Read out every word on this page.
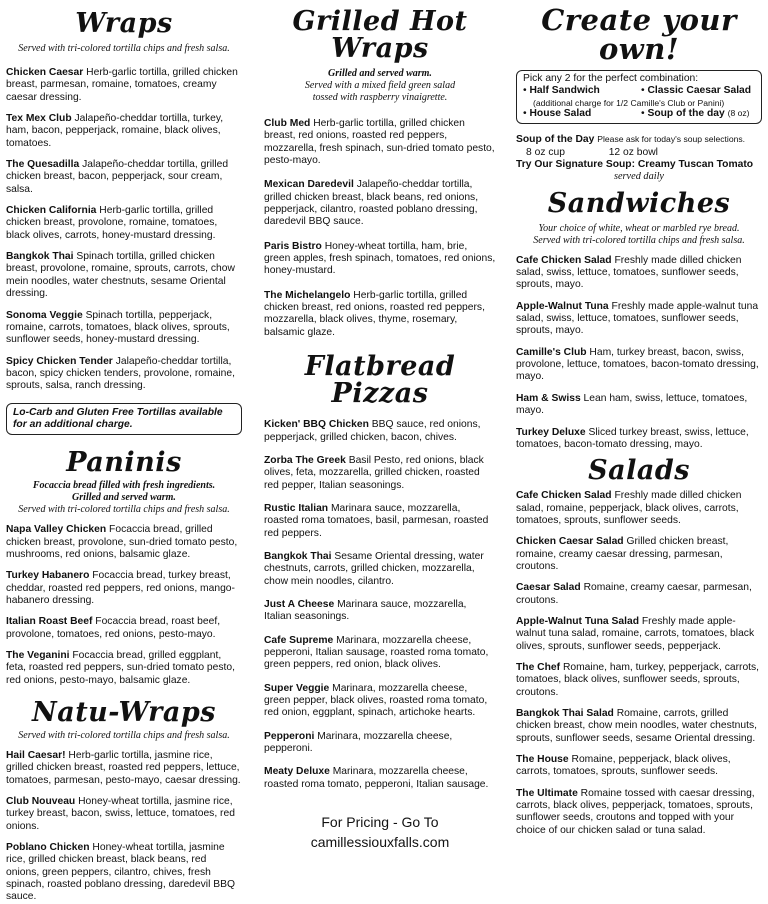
Wraps
Served with tri-colored tortilla chips and fresh salsa.
Chicken Caesar Herb-garlic tortilla, grilled chicken breast, parmesan, romaine, tomatoes, creamy caesar dressing.
Tex Mex Club Jalapeño-cheddar tortilla, turkey, ham, bacon, pepperjack, romaine, black olives, tomatoes.
The Quesadilla Jalapeño-cheddar tortilla, grilled chicken breast, bacon, pepperjack, sour cream, salsa.
Chicken California Herb-garlic tortilla, grilled chicken breast, provolone, romaine, tomatoes, black olives, carrots, honey-mustard dressing.
Bangkok Thai Spinach tortilla, grilled chicken breast, provolone, romaine, sprouts, carrots, chow mein noodles, water chestnuts, sesame Oriental dressing.
Sonoma Veggie Spinach tortilla, pepperjack, romaine, carrots, tomatoes, black olives, sprouts, sunflower seeds, honey-mustard dressing.
Spicy Chicken Tender Jalapeño-cheddar tortilla, bacon, spicy chicken tenders, provolone, romaine, sprouts, salsa, ranch dressing.
Lo-Carb and Gluten Free Tortillas available for an additional charge.
Paninis
Focaccia bread filled with fresh ingredients.
Grilled and served warm.
Served with tri-colored tortilla chips and fresh salsa.
Napa Valley Chicken Focaccia bread, grilled chicken breast, provolone, sun-dried tomato pesto, mushrooms, red onions, balsamic glaze.
Turkey Habanero Focaccia bread, turkey breast, cheddar, roasted red peppers, red onions, mango-habanero dressing.
Italian Roast Beef Focaccia bread, roast beef, provolone, tomatoes, red onions, pesto-mayo.
The Veganini Focaccia bread, grilled eggplant, feta, roasted red peppers, sun-dried tomato pesto, red onions, pesto-mayo, balsamic glaze.
Natu-Wraps
Served with tri-colored tortilla chips and fresh salsa.
Hail Caesar! Herb-garlic tortilla, jasmine rice, grilled chicken breast, roasted red peppers, lettuce, tomatoes, parmesan, pesto-mayo, caesar dressing.
Club Nouveau Honey-wheat tortilla, jasmine rice, turkey breast, bacon, swiss, lettuce, tomatoes, red onions.
Poblano Chicken Honey-wheat tortilla, jasmine rice, grilled chicken breast, black beans, red onions, green peppers, cilantro, chives, fresh spinach, roasted poblano dressing, daredevil BBQ sauce.
Grilled Hot Wraps
Grilled and served warm.
Served with a mixed field green salad
tossed with raspberry vinaigrette.
Club Med Herb-garlic tortilla, grilled chicken breast, red onions, roasted red peppers, mozzarella, fresh spinach, sun-dried tomato pesto, pesto-mayo.
Mexican Daredevil Jalapeño-cheddar tortilla, grilled chicken breast, black beans, red onions, pepperjack, cilantro, roasted poblano dressing, daredevil BBQ sauce.
Paris Bistro Honey-wheat tortilla, ham, brie, green apples, fresh spinach, tomatoes, red onions, honey-mustard.
The Michelangelo Herb-garlic tortilla, grilled chicken breast, red onions, roasted red peppers, mozzarella, black olives, thyme, rosemary, balsamic glaze.
Flatbread Pizzas
Kicken' BBQ Chicken BBQ sauce, red onions, pepperjack, grilled chicken, bacon, chives.
Zorba The Greek Basil Pesto, red onions, black olives, feta, mozzarella, grilled chicken, roasted red pepper, Italian seasonings.
Rustic Italian Marinara sauce, mozzarella, roasted roma tomatoes, basil, parmesan, roasted red peppers.
Bangkok Thai Sesame Oriental dressing, water chestnuts, carrots, grilled chicken, mozzarella, chow mein noodles, cilantro.
Just A Cheese Marinara sauce, mozzarella, Italian seasonings.
Cafe Supreme Marinara, mozzarella cheese, pepperoni, Italian sausage, roasted roma tomato, green peppers, red onion, black olives.
Super Veggie Marinara, mozzarella cheese, green pepper, black olives, roasted roma tomato, red onion, eggplant, spinach, artichoke hearts.
Pepperoni Marinara, mozzarella cheese, pepperoni.
Meaty Deluxe Marinara, mozzarella cheese, roasted roma tomato, pepperoni, Italian sausage.
For Pricing - Go To
camillessiouxfalls.com
Create your own!
Pick any 2 for the perfect combination:
• Half Sandwich	• Classic Caesar Salad
(additional charge for 1/2 Camille's Club or Panini)
• House Salad	• Soup of the day (8 oz)
Soup of the Day Please ask for today's soup selections.
8 oz cup	12 oz bowl
Try Our Signature Soup: Creamy Tuscan Tomato
served daily
Sandwiches
Your choice of white, wheat or marbled rye bread.
Served with tri-colored tortilla chips and fresh salsa.
Cafe Chicken Salad Freshly made dilled chicken salad, swiss, lettuce, tomatoes, sunflower seeds, sprouts, mayo.
Apple-Walnut Tuna Freshly made apple-walnut tuna salad, swiss, lettuce, tomatoes, sunflower seeds, sprouts, mayo.
Camille's Club Ham, turkey breast, bacon, swiss, provolone, lettuce, tomatoes, bacon-tomato dressing, mayo.
Ham & Swiss Lean ham, swiss, lettuce, tomatoes, mayo.
Turkey Deluxe Sliced turkey breast, swiss, lettuce, tomatoes, bacon-tomato dressing, mayo.
Salads
Cafe Chicken Salad Freshly made dilled chicken salad, romaine, pepperjack, black olives, carrots, tomatoes, sprouts, sunflower seeds.
Chicken Caesar Salad Grilled chicken breast, romaine, creamy caesar dressing, parmesan, croutons.
Caesar Salad Romaine, creamy caesar, parmesan, croutons.
Apple-Walnut Tuna Salad Freshly made apple-walnut tuna salad, romaine, carrots, tomatoes, black olives, sprouts, sunflower seeds, pepperjack.
The Chef Romaine, ham, turkey, pepperjack, carrots, tomatoes, black olives, sunflower seeds, sprouts, croutons.
Bangkok Thai Salad Romaine, carrots, grilled chicken breast, chow mein noodles, water chestnuts, sprouts, sunflower seeds, sesame Oriental dressing.
The House Romaine, pepperjack, black olives, carrots, tomatoes, sprouts, sunflower seeds.
The Ultimate Romaine tossed with caesar dressing, carrots, black olives, pepperjack, tomatoes, sprouts, sunflower seeds, croutons and topped with your choice of our chicken salad or tuna salad.
